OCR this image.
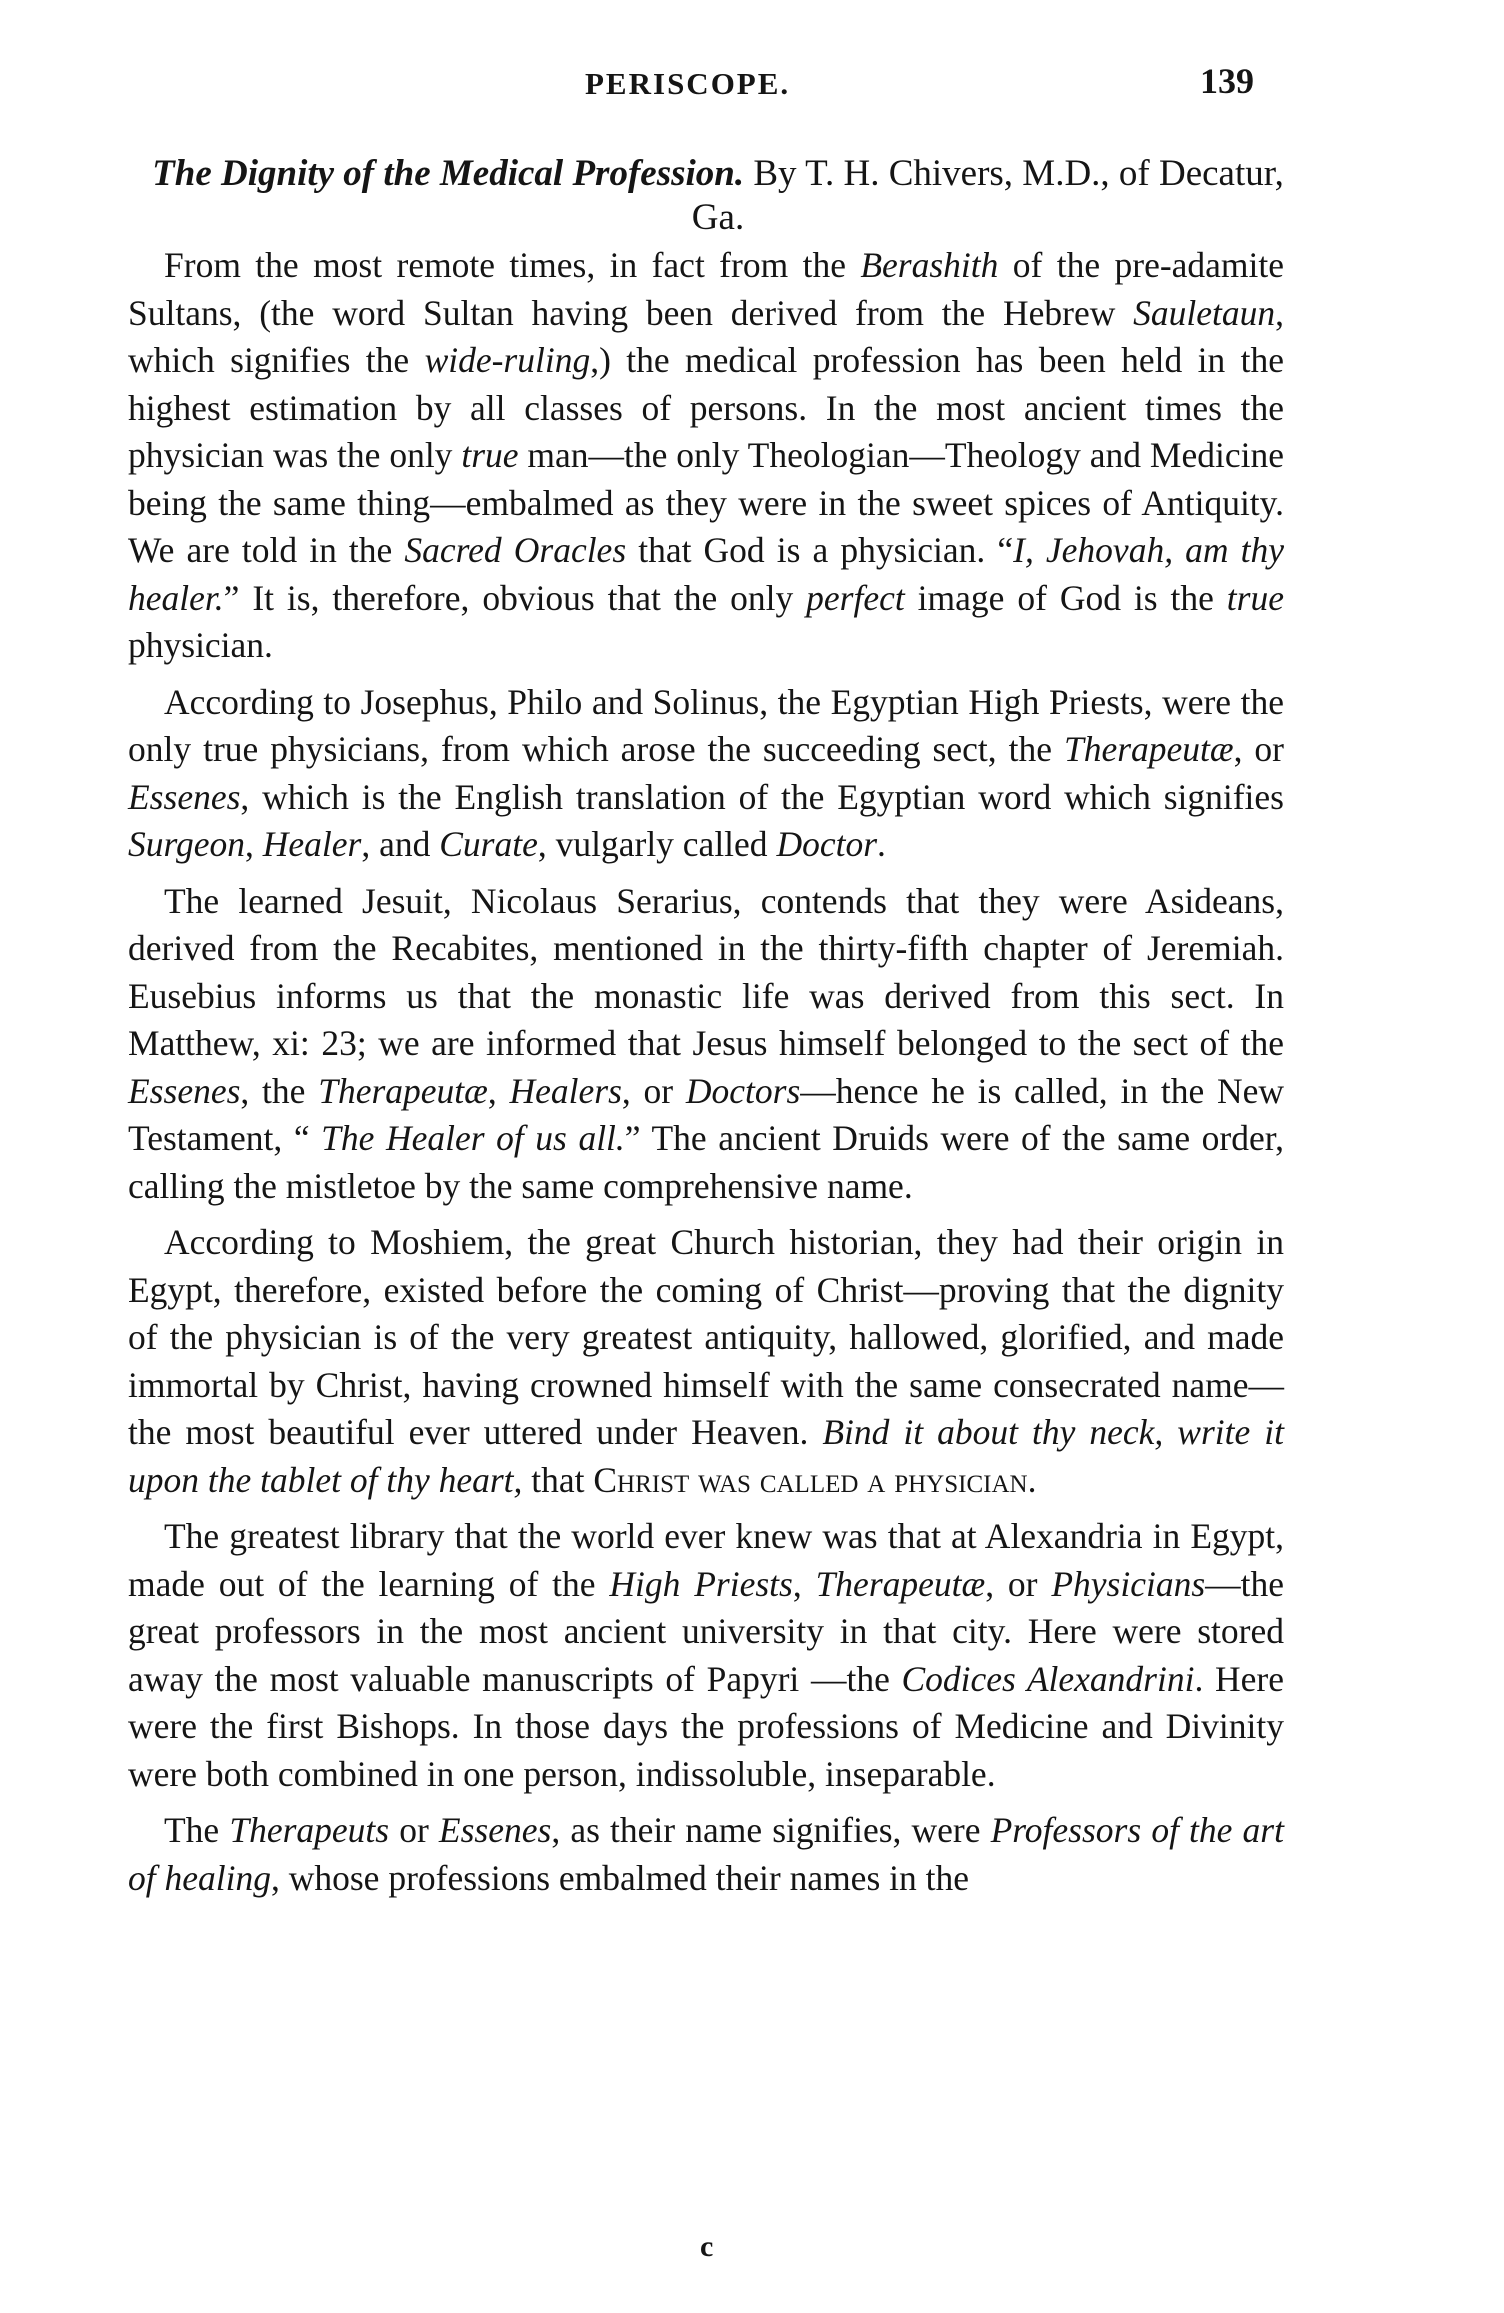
PERISCOPE.	139
The Dignity of the Medical Profession. By T. H. Chivers, M.D., of Decatur, Ga.

From the most remote times, in fact from the Berashith of the pre-adamite Sultans, (the word Sultan having been derived from the Hebrew Sauletaun, which signifies the wide-ruling,) the medical profession has been held in the highest estimation by all classes of persons. In the most ancient times the physician was the only true man—the only Theologian—Theology and Medicine being the same thing—embalmed as they were in the sweet spices of Antiquity. We are told in the Sacred Oracles that God is a physician. “I, Jehovah, am thy healer.” It is, therefore, obvious that the only perfect image of God is the true physician.

According to Josephus, Philo and Solinus, the Egyptian High Priests, were the only true physicians, from which arose the succeeding sect, the Therapeutæ, or Essenes, which is the English translation of the Egyptian word which signifies Surgeon, Healer, and Curate, vulgarly called Doctor.

The learned Jesuit, Nicolaus Serarius, contends that they were Asideans, derived from the Recabites, mentioned in the thirty-fifth chapter of Jeremiah. Eusebius informs us that the monastic life was derived from this sect. In Matthew, xi: 23; we are informed that Jesus himself belonged to the sect of the Essenes, the Therapeutæ, Healers, or Doctors—hence he is called, in the New Testament, “ The Healer of us all.” The ancient Druids were of the same order, calling the mistletoe by the same comprehensive name.

According to Moshiem, the great Church historian, they had their origin in Egypt, therefore, existed before the coming of Christ—proving that the dignity of the physician is of the very greatest antiquity, hallowed, glorified, and made immortal by Christ, having crowned himself with the same consecrated name—the most beautiful ever uttered under Heaven. Bind it about thy neck, write it upon the tablet of thy heart, that Christ was called a physician.

The greatest library that the world ever knew was that at Alexandria in Egypt, made out of the learning of the High Priests, Therapeutæ, or Physicians—the great professors in the most ancient university in that city. Here were stored away the most valuable manuscripts of Papyri —the Codices Alexandrini. Here were the first Bishops. In those days the professions of Medicine and Divinity were both combined in one person, indissoluble, inseparable.

The Therapeuts or Essenes, as their name signifies, were Professors of the art of healing, whose professions embalmed their names in the

c
